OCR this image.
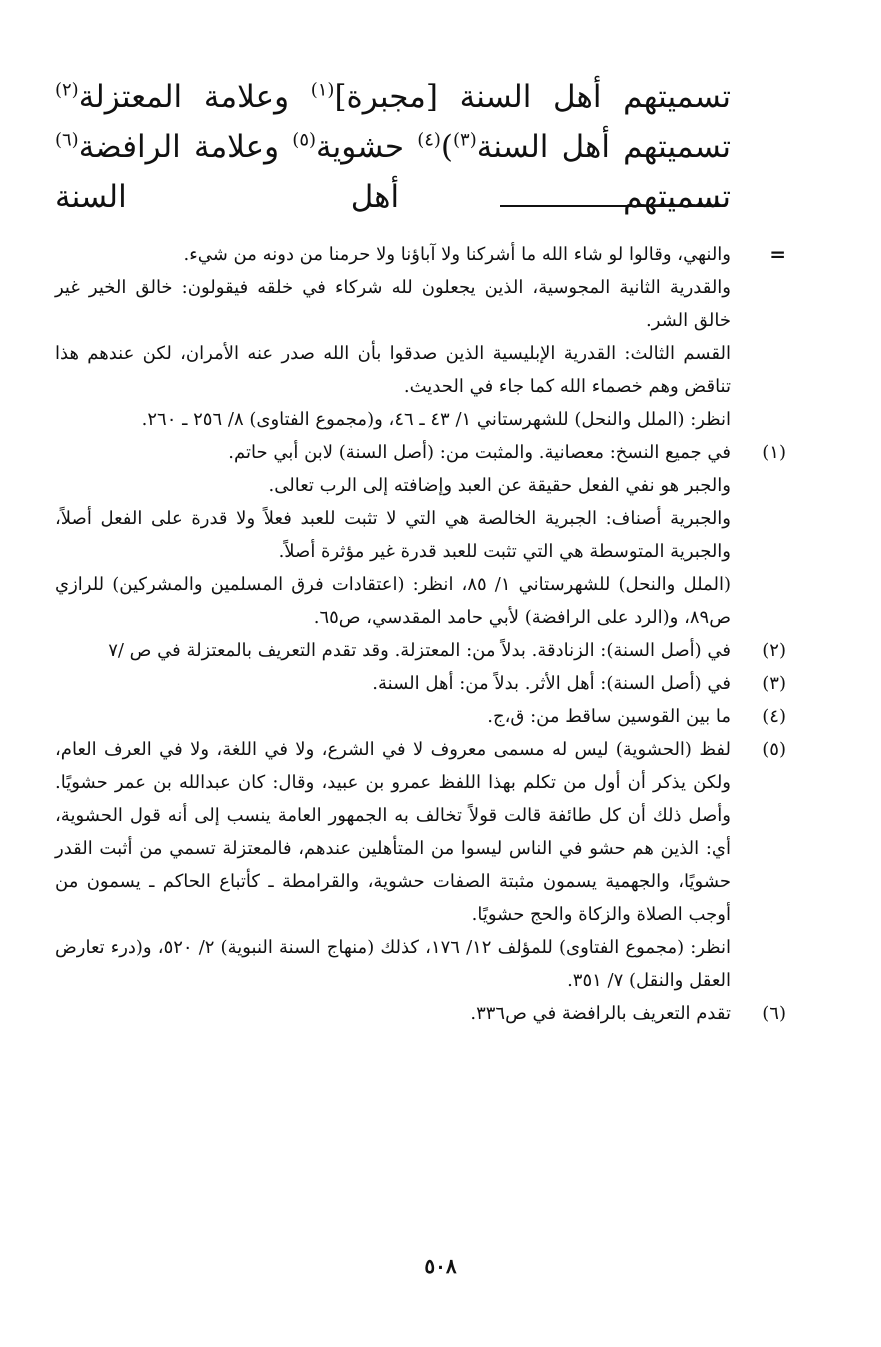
تسميتهم أهل السنة [مجبرة]$^{(١)}$ وعلامة المعتزلة$^{(٢)}$ تسميتهم أهل السنة$^{(٣)}$)$^{(٤)}$ حشوية$^{(٥)}$ وعلامة الرافضة$^{(٦)}$ تسميتهم أهل السنة

=

والنهي، وقالوا لو شاء الله ما أشركنا ولا آباؤنا ولا حرمنا من دونه من شيء.

والقدرية الثانية المجوسية، الذين يجعلون لله شركاء في خلقه فيقولون: خالق الخير غير خالق الشر.

القسم الثالث: القدرية الإبليسية الذين صدقوا بأن الله صدر عنه الأمران، لكن عندهم هذا تناقض وهم خصماء الله كما جاء في الحديث.

انظر: (الملل والنحل) للشهرستاني ١/ ٤٣ ـ ٤٦، و(مجموع الفتاوى) ٨/ ٢٥٦ ـ ٢٦٠.

(١)

في جميع النسخ: معصانية. والمثبت من: (أصل السنة) لابن أبي حاتم.

والجبر هو نفي الفعل حقيقة عن العبد وإضافته إلى الرب تعالى.

والجبرية أصناف: الجبرية الخالصة هي التي لا تثبت للعبد فعلاً ولا قدرة على الفعل أصلاً، والجبرية المتوسطة هي التي تثبت للعبد قدرة غير مؤثرة أصلاً.

(الملل والنحل) للشهرستاني ١/ ٨٥، انظر: (اعتقادات فرق المسلمين والمشركين) للرازي ص٨٩، و(الرد على الرافضة) لأبي حامد المقدسي، ص٦٥.

(٢)

في (أصل السنة): الزنادقة. بدلاً من: المعتزلة. وقد تقدم التعريف بالمعتزلة في ص /٧

(٣)

في (أصل السنة): أهل الأثر. بدلاً من: أهل السنة.

(٤)

ما بين القوسين ساقط من: ق،ج.

(٥)

لفظ (الحشوية) ليس له مسمى معروف لا في الشرع، ولا في اللغة، ولا في العرف العام، ولكن يذكر أن أول من تكلم بهذا اللفظ عمرو بن عبيد، وقال: كان عبدالله بن عمر حشويًا. وأصل ذلك أن كل طائفة قالت قولاً تخالف به الجمهور العامة ينسب إلى أنه قول الحشوية، أي: الذين هم حشو في الناس ليسوا من المتأهلين عندهم، فالمعتزلة تسمي من أثبت القدر حشويًا، والجهمية يسمون مثبتة الصفات حشوية، والقرامطة ـ كأتباع الحاكم ـ يسمون من أوجب الصلاة والزكاة والحج حشويًا.

انظر: (مجموع الفتاوى) للمؤلف ١٢/ ١٧٦، كذلك (منهاج السنة النبوية) ٢/ ٥٢٠، و(درء تعارض العقل والنقل) ٧/ ٣٥١.

(٦)

تقدم التعريف بالرافضة في ص٣٣٦.

٥٠٨
